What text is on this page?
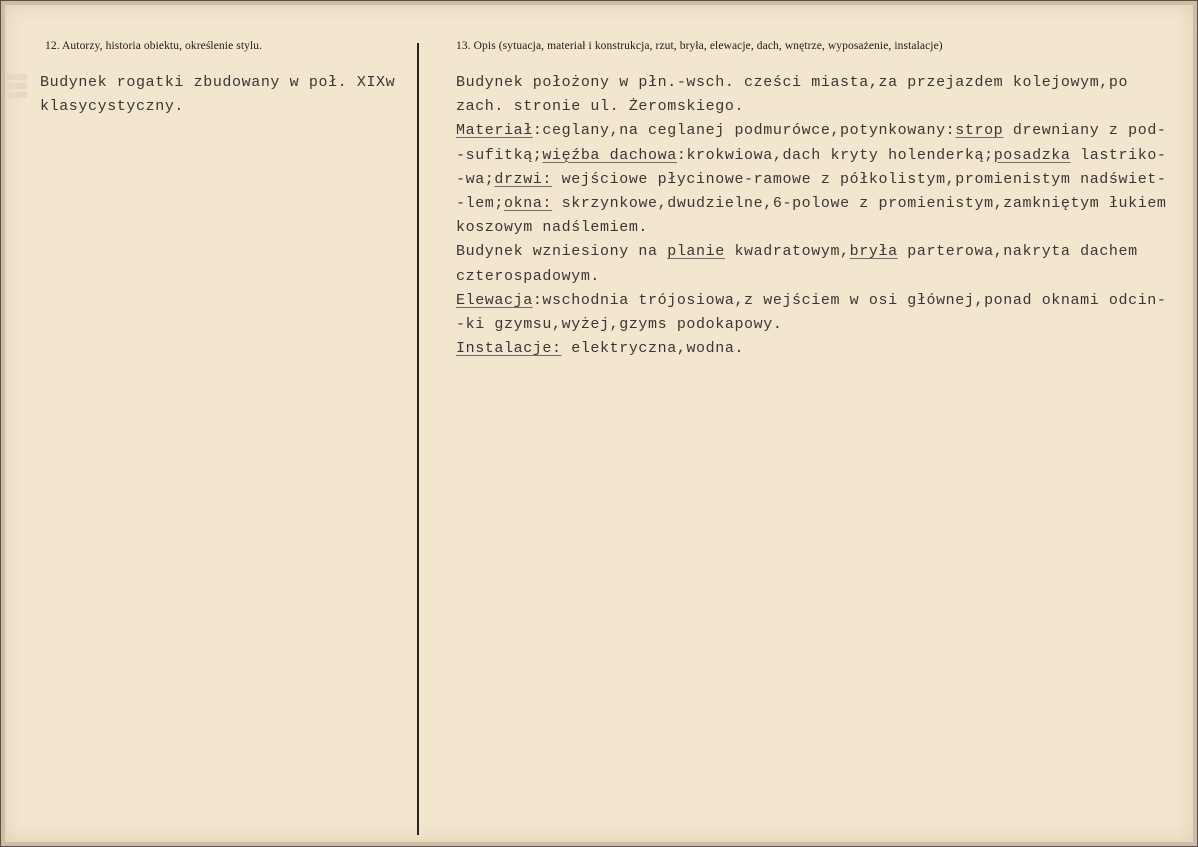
12. Autorzy, historia obiektu, określenie stylu.	13. Opis (sytuacja, materiał i konstrukcja, rzut, bryła, elewacje, dach, wnętrze, wyposażenie, instalacje)
Budynek rogatki zbudowany w poł. XIXw
klasycystyczny.
Budynek położony w płn.-wsch. cześci miasta,za przejazdem kolejowym,po
zach. stronie ul. Żeromskiego.
Materiał:ceglany,na ceglanej podmurówce,potynkowany:strop drewniany z pod-
-sufitką;więźba dachowa:krokwiowa,dach kryty holenderką;posadzka lastriko-
-wa;drzwi: wejściowe płycinowe-ramowe z półkolistym,promienistym nadświet-
-lem;okna: skrzynkowe,dwudzielne,6-polowe z promienistym,zamkniętym łukiem
koszowym nadślemiem.
Budynek wzniesiony na planie kwadratowym,bryła parterowa,nakryta dachem
czterospadowym.
Elewacja:wschodnia trójosiowa,z wejściem w osi głównej,ponad oknami odcin-
-ki gzymsu,wyżej,gzyms podokapowy.
Instalacje: elektryczna,wodna.
